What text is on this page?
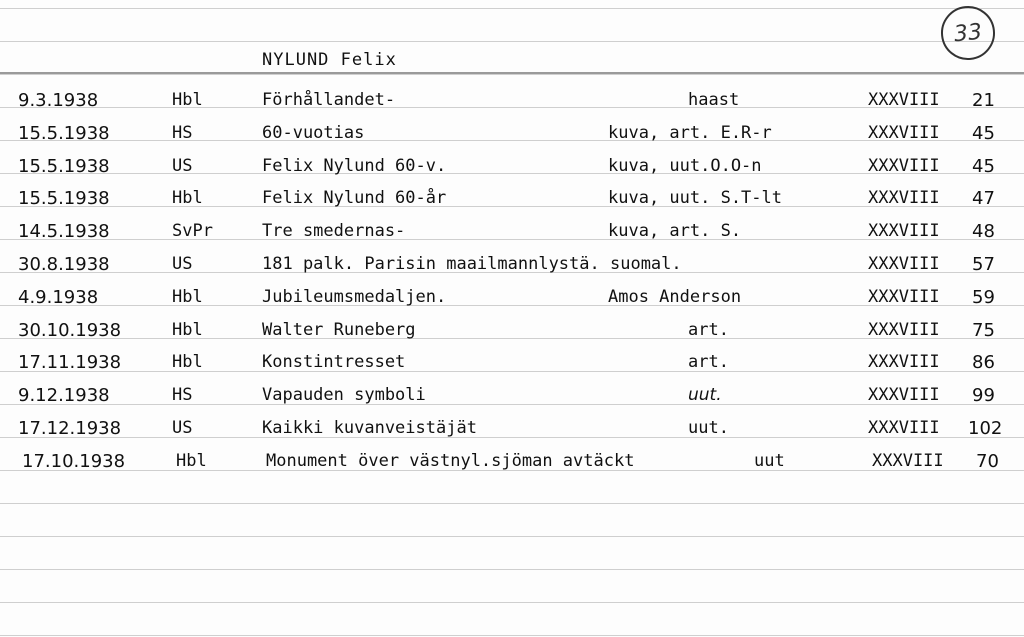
33
NYLUND Felix
9.3.1938	Hbl	Förhållandet-	haast	XXXVIII 21
15.5.1938	HS	60-vuotias	kuva, art. E.R-r	XXXVIII 45
15.5.1938	US	Felix Nylund 60-v.	kuva, uut.O.O-n	XXXVIII 45
15.5.1938	Hbl	Felix Nylund 60-år	kuva, uut. S.T-lt	XXXVIII 47
14.5.1938	SvPr	Tre smedernas-	kuva, art. S.	XXXVIII 48
30.8.1938	US	181 palk. Parisin maailmannlystä. suomal.	XXXVIII 57
4.9.1938	Hbl	Jubileumsmedaljen.	Amos Anderson	XXXVIII 59
30.10.1938	Hbl	Walter Runeberg	art.	XXXVIII 75
17.11.1938	Hbl	Konstintresset	art.	XXXVIII 86
9.12.1938	HS	Vapauden symboli	uut.	XXXVIII 99
17.12.1938	US	Kaikki kuvanveistäjät	uut.	XXXVIII 102
17.10.1938	Hbl	Monument över västnyl.sjöman avtäckt	uut	XXXVIII 70
